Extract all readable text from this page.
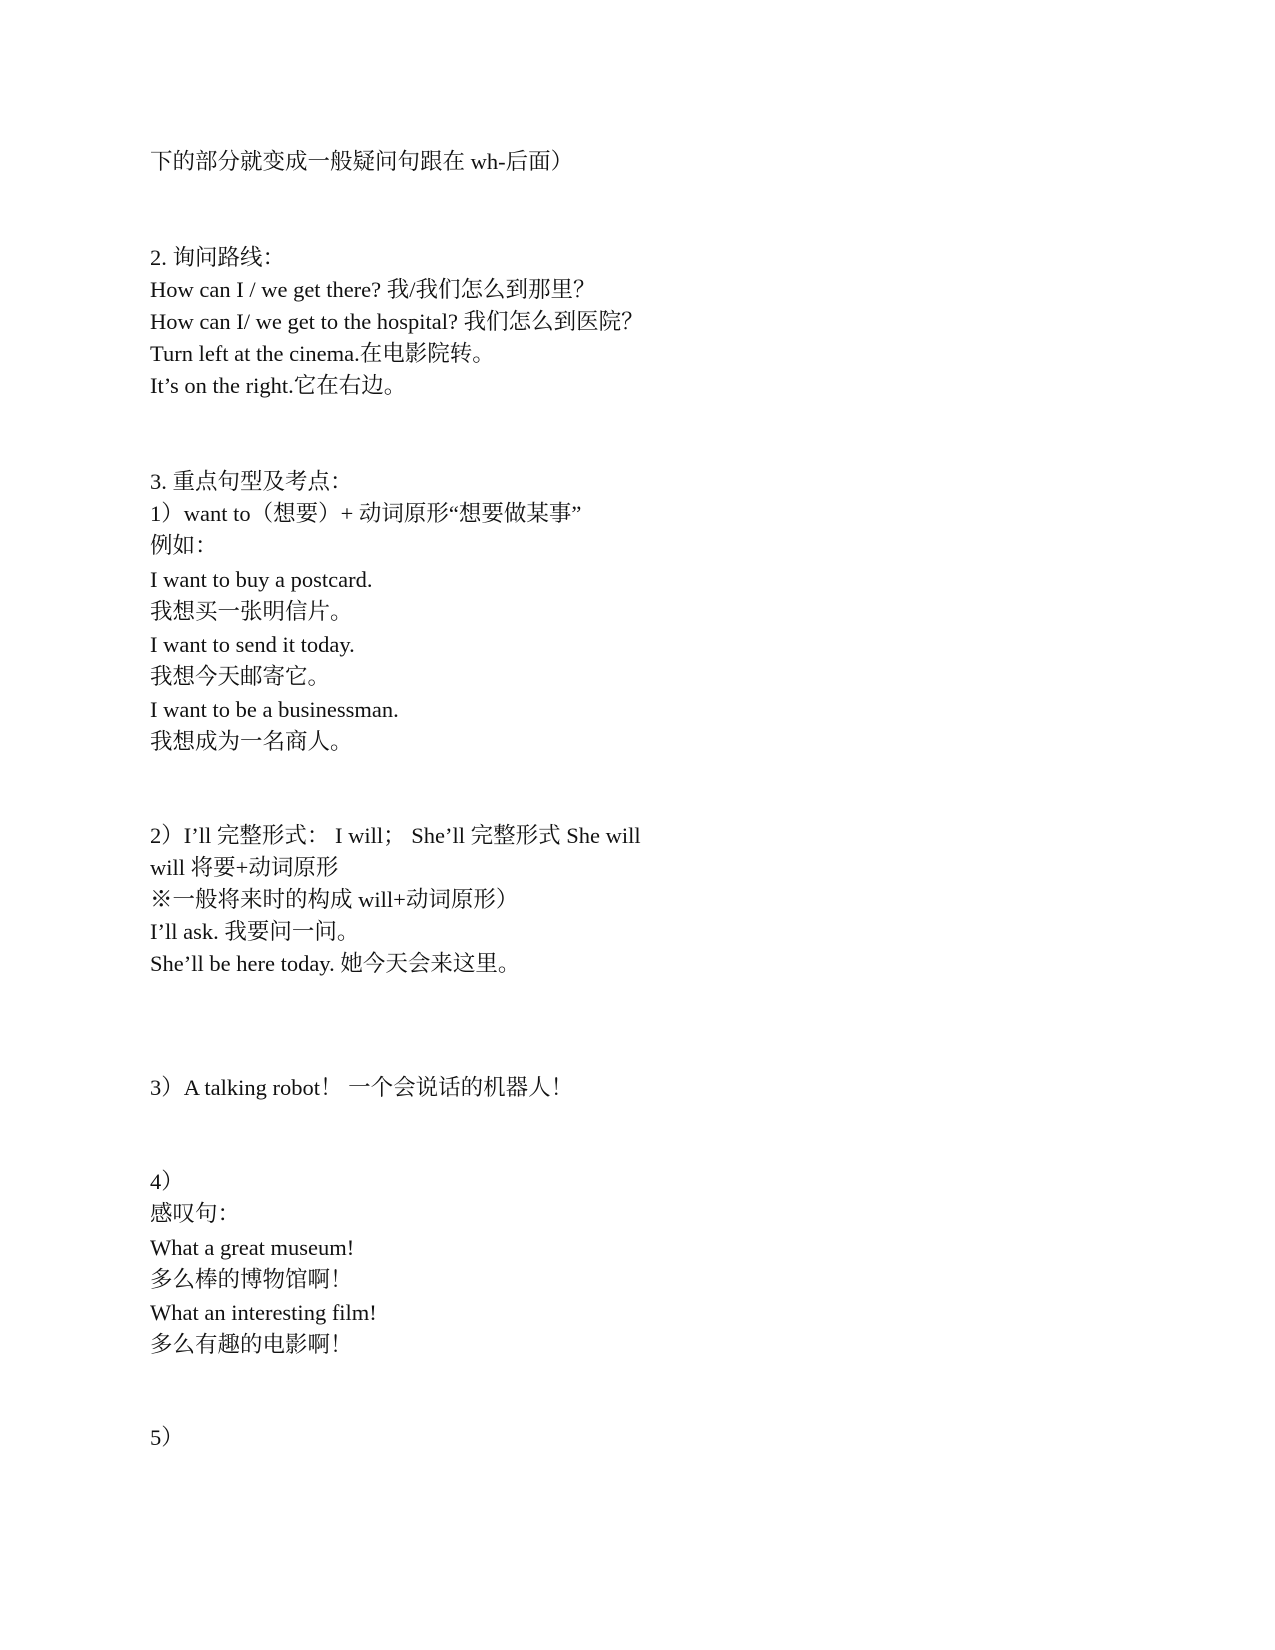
下的部分就变成一般疑问句跟在 wh-后面）
2. 询问路线：
How can I / we get there? 我/我们怎么到那里？
How can I/ we get to the hospital? 我们怎么到医院？
Turn left at the cinema.在电影院转。
It’s on the right.它在右边。
3. 重点句型及考点：
1）want to（想要）+ 动词原形“想要做某事”
例如：
I want to buy a postcard.
我想买一张明信片。
I want to send it today.
我想今天邮寄它。
I want to be a businessman.
我想成为一名商人。
2）I’ll 完整形式： I will； She’ll 完整形式 She will
will 将要+动词原形
※一般将来时的构成 will+动词原形）
I’ll ask. 我要问一问。
She’ll be here today. 她今天会来这里。
3）A talking robot！ 一个会说话的机器人！
4）
感叹句：
What a great museum!
多么棒的博物馆啊！
What an interesting film!
多么有趣的电影啊！
5）
